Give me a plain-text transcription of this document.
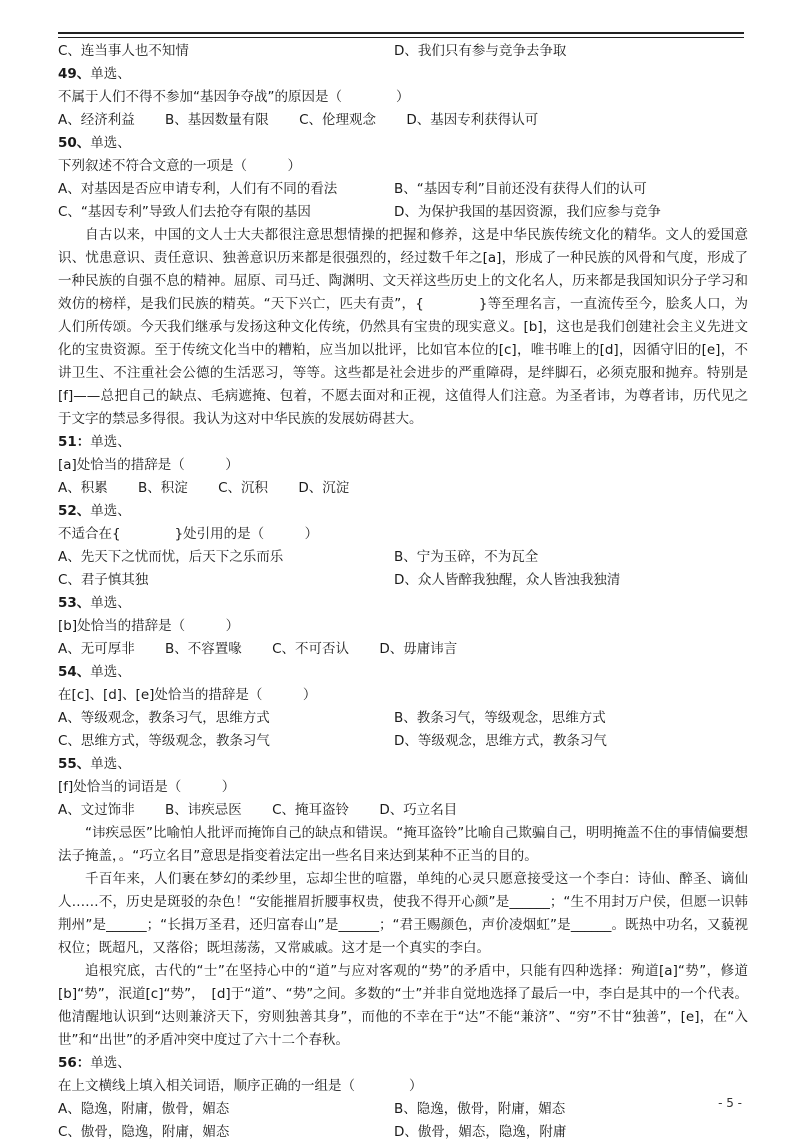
C、连当事人也不知情	D、我们只有参与竞争去争取
49、单选、
不属于人们不得不参加“基因争夺战”的原因是（　　　　）
A、经济利益 B、基因数量有限 C、伦理观念 D、基因专利获得认可
50、单选、
下列叙述不符合文意的一项是（　　　）
A、对基因是否应申请专利，人们有不同的看法	B、“基因专利”目前还没有获得人们的认可
C、“基因专利”导致人们去抢夺有限的基因	D、为保护我国的基因资源，我们应参与竞争
自古以来，中国的文人士大夫都很注意思想情操的把握和修养，这是中华民族传统文化的精华。文人的爱国意识、忧患意识、责任意识、独善意识历来都是很强烈的，经过数千年之[a]，形成了一种民族的风骨和气度，形成了一种民族的自强不息的精神。屈原、司马迁、陶渊明、文天祥这些历史上的文化名人，历来都是我国知识分子学习和效仿的榜样，是我们民族的精英。“天下兴亡，匹夫有责”，{　　　　}等至理名言，一直流传至今，脍炙人口，为人们所传颂。今天我们继承与发扬这种文化传统，仍然具有宝贵的现实意义。[b]，这也是我们创建社会主义先进文化的宝贵资源。至于传统文化当中的糟粕，应当加以批评，比如官本位的[c]，唯书唯上的[d]，因循守旧的[e]，不讲卫生、不注重社会公德的生活恶习，等等。这些都是社会进步的严重障碍，是绊脚石，必须克服和抛弃。特别是[f]——总把自己的缺点、毛病遮掩、包着，不愿去面对和正视，这值得人们注意。为圣者讳，为尊者讳，历代见之于文字的禁忌多得很。我认为这对中华民族的发展妨碍甚大。
51：单选、
[a]处恰当的措辞是（　　　）
A、积累 B、积淀 C、沉积 D、沉淀
52、单选、
不适合在{　　　　}处引用的是（　　　）
A、先天下之忧而忧，后天下之乐而乐	B、宁为玉碎，不为瓦全
C、君子慎其独	D、众人皆醉我独醒，众人皆浊我独清
53、单选、
[b]处恰当的措辞是（　　　）
A、无可厚非 B、不容置喙 C、不可否认 D、毋庸讳言
54、单选、
在[c]、[d]、[e]处恰当的措辞是（　　　）
A、等级观念，教条习气，思维方式	B、教条习气，等级观念，思维方式
C、思维方式，等级观念，教条习气	D、等级观念，思维方式，教条习气
55、单选、
[f]处恰当的词语是（　　　）
A、文过饰非 B、讳疾忌医 C、掩耳盗铃 D、巧立名目
“讳疾忌医”比喻怕人批评而掩饰自己的缺点和错误。“掩耳盗铃”比喻自己欺骗自己，明明掩盖不住的事情偏要想法子掩盖，。“巧立名目”意思是指变着法定出一些名目来达到某种不正当的目的。
千百年来，人们裹在梦幻的柔纱里，忘却尘世的喧嚣，单纯的心灵只愿意接受这一个李白：诗仙、醉圣、谪仙人……不，历史是斑驳的杂色！“安能摧眉折腰事权贵，使我不得开心颜”是______；“生不用封万户侯，但愿一识韩荆州”是______；“长揖万圣君，还归富春山”是______；“君王赐颜色，声价凌烟虹”是______。既热中功名，又藐视权位；既超凡，又落俗；既坦荡荡，又常戚戚。这才是一个真实的李白。
追根究底，古代的“士”在坚持心中的“道”与应对客观的“势”的矛盾中，只能有四种选择：殉道[a]“势”，修道[b]“势”，泯道[c]“势”，　[d]于“道”、“势”之间。多数的“士”并非自觉地选择了最后一中，李白是其中的一个代表。他清醒地认识到“达则兼济天下，穷则独善其身”，而他的不幸在于“达”不能“兼济”、“穷”不甘“独善”，[e]，在“入世”和“出世”的矛盾冲突中度过了六十二个春秋。
56：单选、
在上文横线上填入相关词语，顺序正确的一组是（　　　　）
A、隐逸，附庸，傲骨，媚态	B、隐逸，傲骨，附庸，媚态
C、傲骨，隐逸，附庸，媚态	D、傲骨，媚态，隐逸，附庸
- 5 -
